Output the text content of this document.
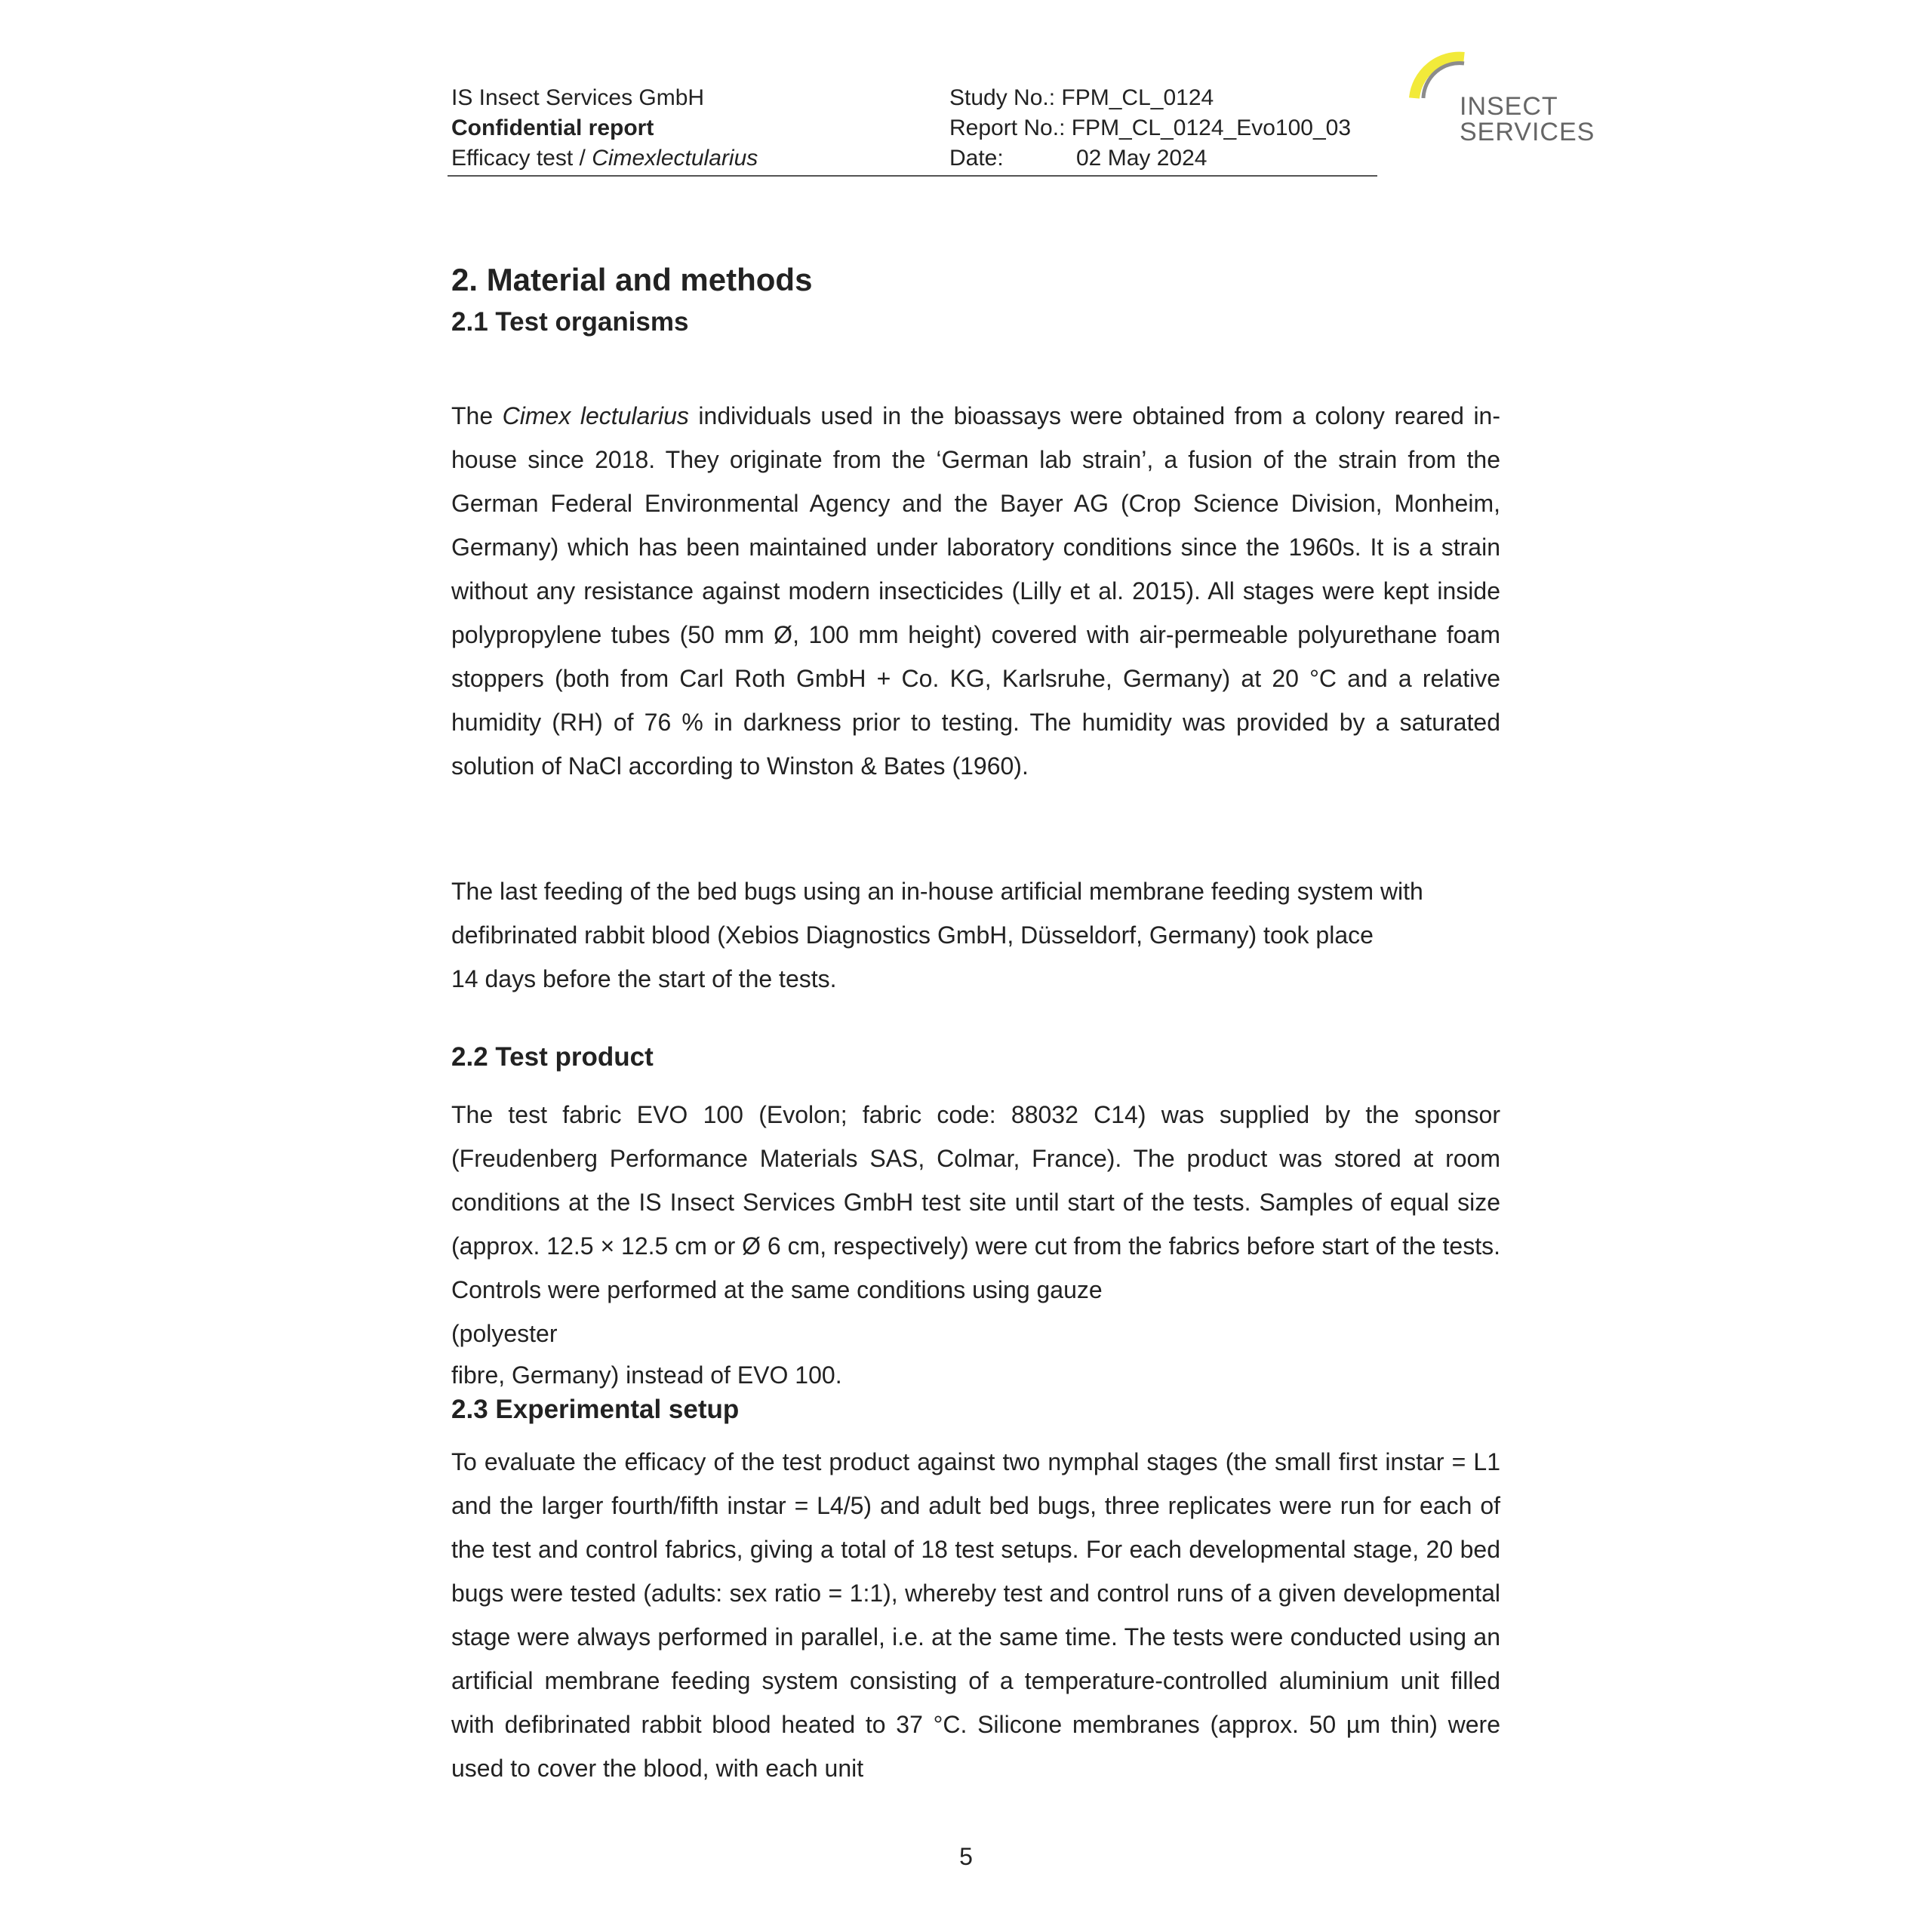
IS Insect Services GmbH
Confidential report
Efficacy test / Cimexlectularius
Study No.: FPM_CL_0124
Report No.: FPM_CL_0124_Evo100_03
Date:	02 May 2024
INSECT
SERVICES
2. Material and methods
2.1 Test organisms

The Cimex lectularius individuals used in the bioassays were obtained from a colony reared in-house since 2018. They originate from the ‘German lab strain’, a fusion of the strain from the German Federal Environmental Agency and the Bayer AG (Crop Science Division, Monheim, Germany) which has been maintained under laboratory conditions since the 1960s. It is a strain without any resistance against modern insecticides (Lilly et al. 2015). All stages were kept inside polypropylene tubes (50 mm Ø, 100 mm height) covered with air-permeable polyurethane foam stoppers (both from Carl Roth GmbH + Co. KG, Karlsruhe, Germany) at 20 °C and a relative humidity (RH) of 76 % in darkness prior to testing. The humidity was provided by a saturated solution of NaCl according to Winston & Bates (1960).

The last feeding of the bed bugs using an in-house artificial membrane feeding system with
defibrinated rabbit blood (Xebios Diagnostics GmbH, Düsseldorf, Germany) took place
14 days before the start of the tests.

2.2 Test product

The test fabric EVO 100 (Evolon; fabric code: 88032 C14) was supplied by the sponsor (Freudenberg Performance Materials SAS, Colmar, France). The product was stored at room conditions at the IS Insect Services GmbH test site until start of the tests. Samples of equal size (approx. 12.5 × 12.5 cm or Ø 6 cm, respectively) were cut from the fabrics before start of the tests. Controls were performed at the same conditions using gauze

(polyester

fibre, Germany) instead of EVO 100.

2.3 Experimental setup

To evaluate the efficacy of the test product against two nymphal stages (the small first instar = L1 and the larger fourth/fifth instar = L4/5) and adult bed bugs, three replicates were run for each of the test and control fabrics, giving a total of 18 test setups. For each developmental stage, 20 bed bugs were tested (adults: sex ratio = 1:1), whereby test and control runs of a given developmental stage were always performed in parallel, i.e. at the same time. The tests were conducted using an artificial membrane feeding system consisting of a temperature-controlled aluminium unit filled with defibrinated rabbit blood heated to 37 °C. Silicone membranes (approx. 50 µm thin) were used to cover the blood, with each unit

5
